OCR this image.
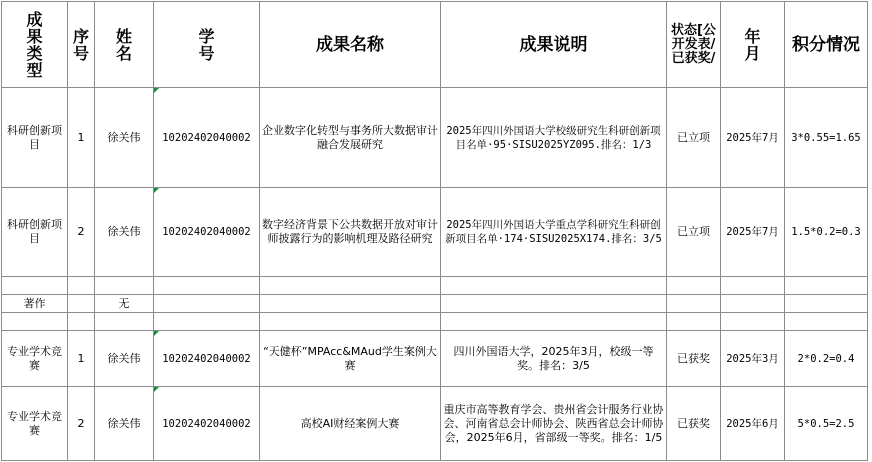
成果类型	序号	姓名	学号	成果名称	成果说明	状态[公开发表/已获奖/	年月	积分情况
科研创新项目	1	徐关伟	10202402040002	企业数字化转型与事务所大数据审计融合发展研究	2025年四川外国语大学校级研究生科研创新项目名单·95·SISU2025YZ095.排名：1/3	已立项	2025年7月	3*0.55=1.65
科研创新项目	2	徐关伟	10202402040002	数字经济背景下公共数据开放对审计师披露行为的影响机理及路径研究	2025年四川外国语大学重点学科研究生科研创新项目名单·174·SISU2025X174.排名：3/5	已立项	2025年7月	1.5*0.2=0.3

著作		无						

专业学术竞赛	1	徐关伟	10202402040002	“天健杯”MPAcc&MAud学生案例大赛	四川外国语大学，2025年3月，校级一等奖。排名：3/5	已获奖	2025年3月	2*0.2=0.4
专业学术竞赛	2	徐关伟	10202402040002	高校AI财经案例大赛	重庆市高等教育学会、贵州省会计服务行业协会、河南省总会计师协会、陕西省总会计师协会，2025年6月，省部级一等奖。排名：1/5	已获奖	2025年6月	5*0.5=2.5
